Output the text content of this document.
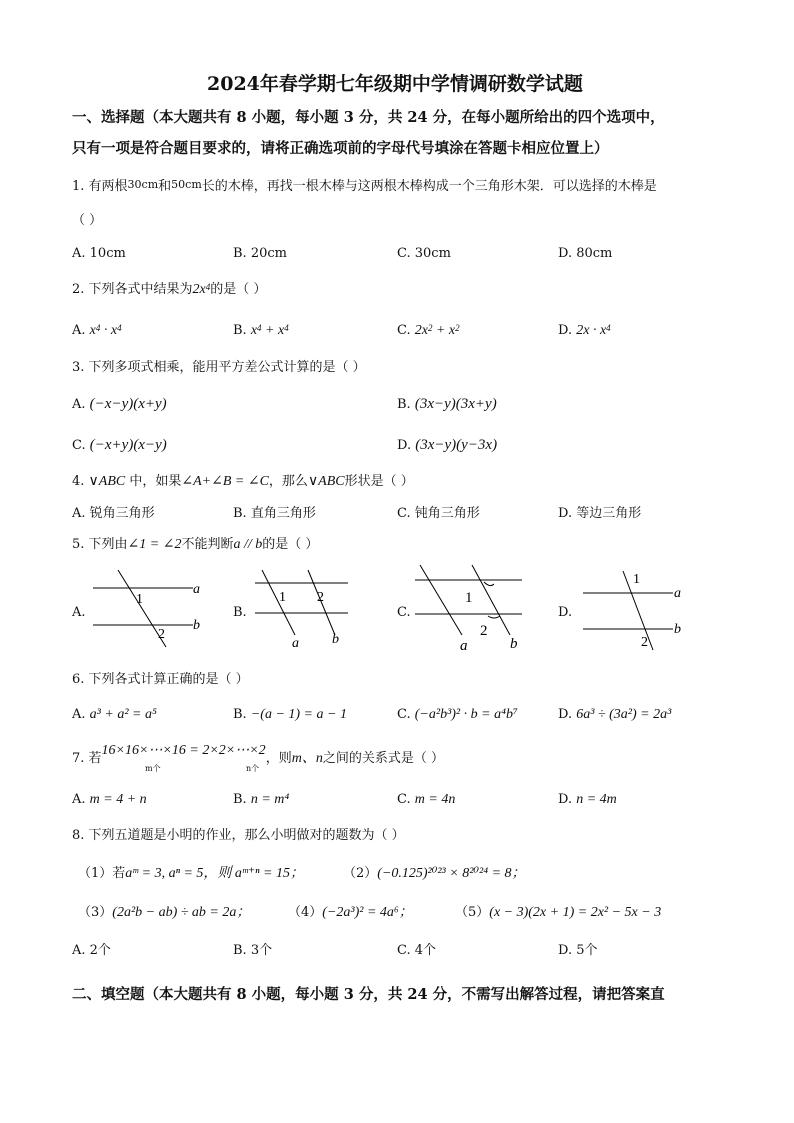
2024年春学期七年级期中学情调研数学试题
一、选择题（本大题共有 8 小题，每小题 3 分，共 24 分，在每小题所给出的四个选项中，
只有一项是符合题目要求的，请将正确选项前的字母代号填涂在答题卡相应位置上）
1. 有两根$^{30cm}$和$^{50cm}$长的木棒，再找一根木棒与这两根木棒构成一个三角形木架．可以选择的木棒是
（ ）
A. 10cm	B. 20cm	C. 30cm	D. 80cm
2. 下列各式中结果为$2x^4$的是（ ）
A. $x^4 \cdot x^4$	B. $x^4 + x^4$	C. $2x^2 + x^2$	D. $2x \cdot x^4$
3. 下列多项式相乘，能用平方差公式计算的是（ ）
A. (−x−y)(x+y)	B. (3x−y)(3x+y)
C. (−x+y)(x−y)	D. (3x−y)(y−3x)
4. ∨ABC 中，如果∠A+∠B = ∠C，那么∨ABC形状是（ ）
A. 锐角三角形	B. 直角三角形	C. 钝角三角形	D. 等边三角形
5. 下列由∠1 = ∠2不能判断a // b的是（ ）
A.
a
b
1
2
B.
1 2
a b
C.
1
2
a	b
D.
1
2
a
b
6. 下列各式计算正确的是（ ）
A. a³ + a² = a⁵	B. −(a − 1) = a − 1	C. (−a²b³)² · b = a⁴b⁷	D. 6a³ ÷ (3a²) = 2a³
7. 若16×16×⋯×16 = 2×2×⋯×2，则m、n之间的关系式是（ ）
m个	n个
A. m = 4 + n	B. n = m⁴	C. m = 4n	D. n = 4m
8. 下列五道题是小明的作业，那么小明做对的题数为（ ）
（1）若aᵐ = 3, aⁿ = 5，则 aᵐ⁺ⁿ = 15；	（2）(−0.125)²⁰²³ × 8²⁰²⁴ = 8；
（3）(2a²b − ab) ÷ ab = 2a；	（4）(−2a³)² = 4a⁶；	（5）(x − 3)(2x + 1) = 2x² − 5x − 3
A. 2个	B. 3个	C. 4个	D. 5个
二、填空题（本大题共有 8 小题，每小题 3 分，共 24 分，不需写出解答过程，请把答案直
